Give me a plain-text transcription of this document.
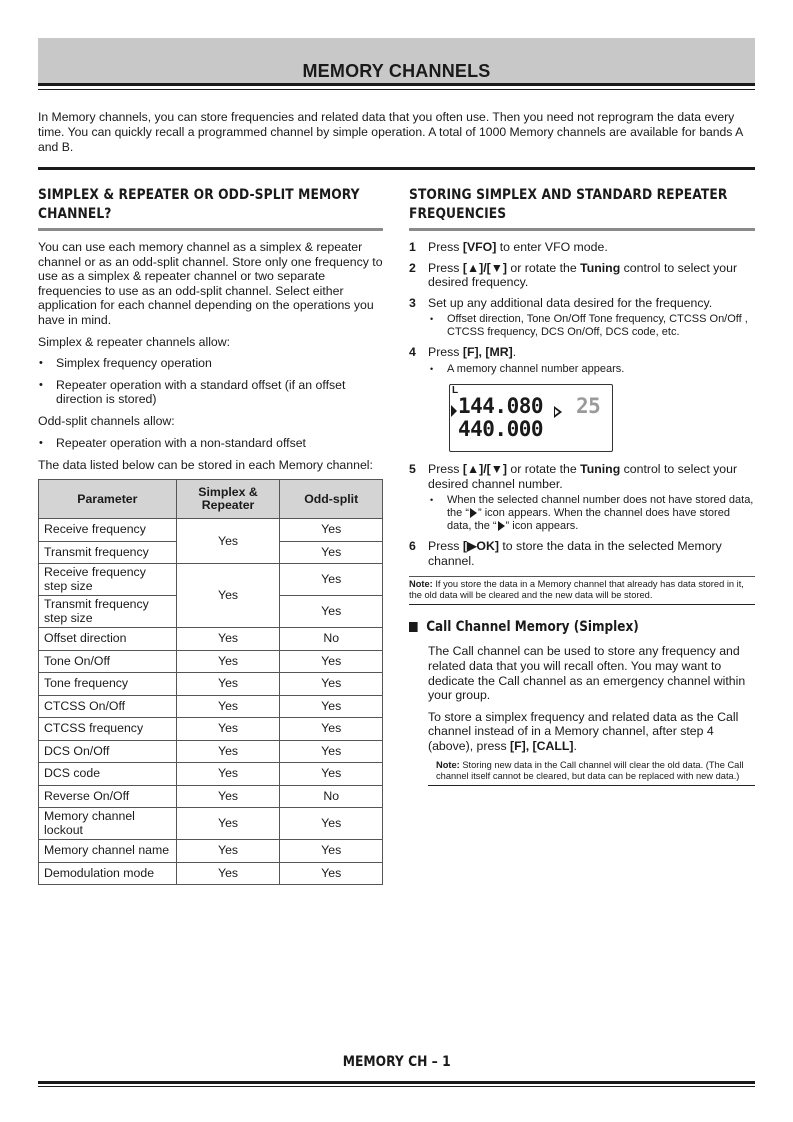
MEMORY CHANNELS

In Memory channels, you can store frequencies and related data that you often use. Then you need not reprogram the data every time. You can quickly recall a programmed channel by simple operation. A total of 1000 Memory channels are available for bands A and B.

SIMPLEX & REPEATER OR ODD-SPLIT MEMORY CHANNEL?

You can use each memory channel as a simplex & repeater channel or as an odd-split channel. Store only one frequency to use as a simplex & repeater channel or two separate frequencies to use as an odd-split channel. Select either application for each channel depending on the operations you have in mind.

Simplex & repeater channels allow:

• Simplex frequency operation
• Repeater operation with a standard offset (if an offset direction is stored)

Odd-split channels allow:

• Repeater operation with a non-standard offset

The data listed below can be stored in each Memory channel:

Parameter	Simplex & Repeater	Odd-split
Receive frequency	Yes	Yes
Transmit frequency		Yes
Receive frequency step size	Yes	Yes
Transmit frequency step size		Yes
Offset direction	Yes	No
Tone On/Off	Yes	Yes
Tone frequency	Yes	Yes
CTCSS On/Off	Yes	Yes
CTCSS frequency	Yes	Yes
DCS On/Off	Yes	Yes
DCS code	Yes	Yes
Reverse On/Off	Yes	No
Memory channel lockout	Yes	Yes
Memory channel name	Yes	Yes
Demodulation mode	Yes	Yes
STORING SIMPLEX AND STANDARD REPEATER FREQUENCIES
1 Press [VFO] to enter VFO mode.
2 Press [▲]/[▼] or rotate the Tuning control to select your desired frequency.
3 Set up any additional data desired for the frequency.
• Offset direction, Tone On/Off Tone frequency, CTCSS On/Off , CTCSS frequency, DCS On/Off, DCS code, etc.
4 Press [F], [MR].
• A memory channel number appears.
L
144.080 25
440.000
5 Press [▲]/[▼] or rotate the Tuning control to select your desired channel number.
• When the selected channel number does not have stored data, the “ ” icon appears. When the channel does have stored data, the “ ” icon appears.
6 Press [▶OK] to store the data in the selected Memory channel.
Note: If you store the data in a Memory channel that already has data stored in it, the old data will be cleared and the new data will be stored.
Call Channel Memory (Simplex)

The Call channel can be used to store any frequency and related data that you will recall often. You may want to dedicate the Call channel as an emergency channel within your group.

To store a simplex frequency and related data as the Call channel instead of in a Memory channel, after step 4 (above), press [F], [CALL].

Note: Storing new data in the Call channel will clear the old data. (The Call channel itself cannot be cleared, but data can be replaced with new data.)
MEMORY CH – 1
